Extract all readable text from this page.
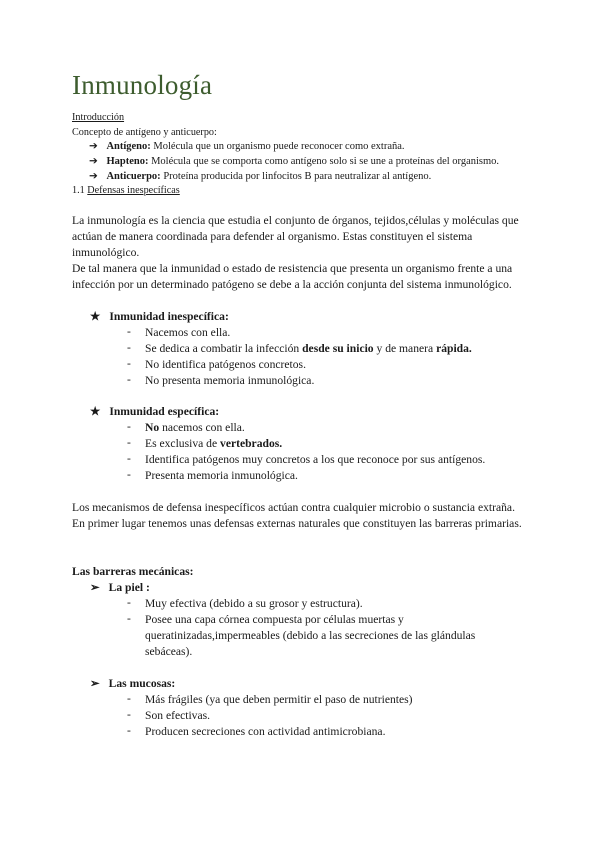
Inmunología
Introducción
Concepto de antígeno y anticuerpo:
➔ Antígeno: Molécula que un organismo puede reconocer como extraña.
➔ Hapteno: Molécula que se comporta como antígeno solo si se une a proteínas del organismo.
➔ Anticuerpo: Proteína producida por linfocitos B para neutralizar al antígeno.
1.1 Defensas inespecíficas

La inmunología es la ciencia que estudia el conjunto de órganos, tejidos,células y moléculas que actúan de manera coordinada para defender al organismo. Estas constituyen el sistema inmunológico.

De tal manera que la inmunidad o estado de resistencia que presenta un organismo frente a una infección por un determinado patógeno se debe a la acción conjunta del sistema inmunológico.

★ Inmunidad inespecífica:
- Nacemos con ella.
- Se dedica a combatir la infección desde su inicio y de manera rápida.
- No identifica patógenos concretos.
- No presenta memoria inmunológica.
★ Inmunidad específica:
- No nacemos con ella.
- Es exclusiva de vertebrados.
- Identifica patógenos muy concretos a los que reconoce por sus antígenos.
- Presenta memoria inmunológica.

Los mecanismos de defensa inespecíficos actúan contra cualquier microbio o sustancia extraña.

En primer lugar tenemos unas defensas externas naturales que constituyen las barreras primarias.

Las barreras mecánicas:
➢ La piel :
- Muy efectiva (debido a su grosor y estructura).
- Posee una capa córnea compuesta por células muertas y
queratinizadas,impermeables (debido a las secreciones de las glándulas
sebáceas).
➢ Las mucosas:
- Más frágiles (ya que deben permitir el paso de nutrientes)
- Son efectivas.
- Producen secreciones con actividad antimicrobiana.
